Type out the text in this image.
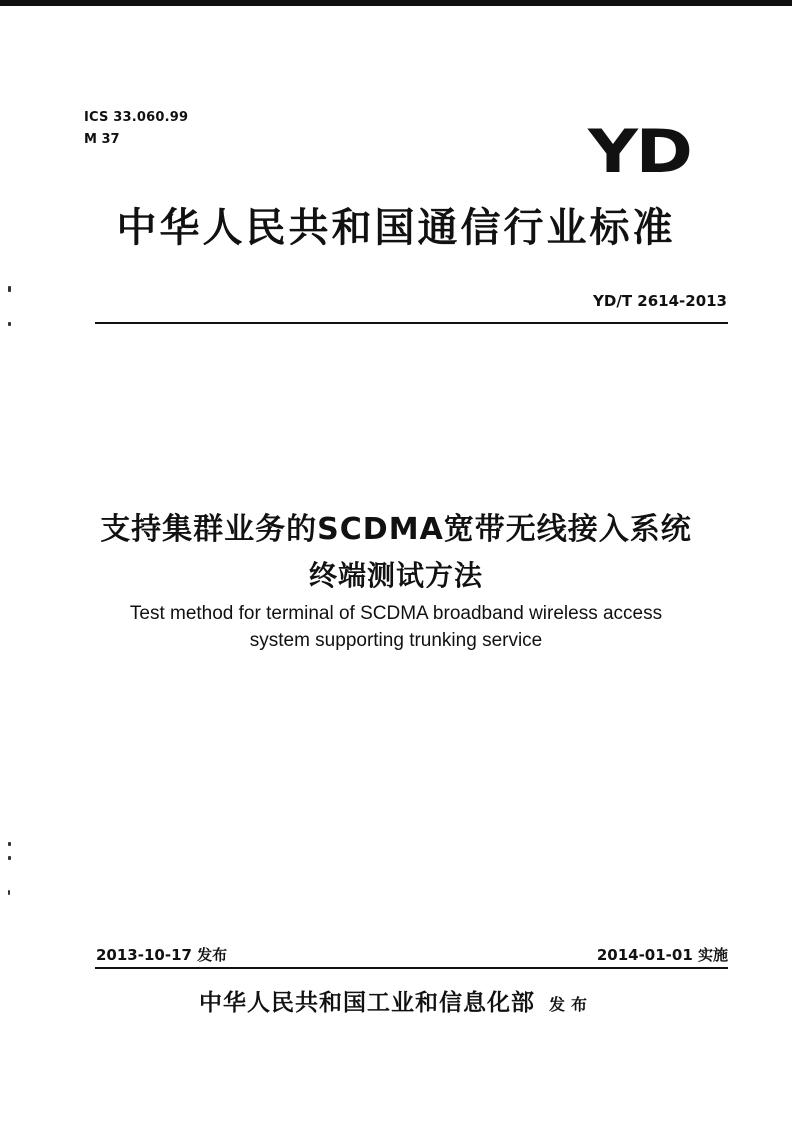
ICS 33.060.99
M 37	YD
中华人民共和国通信行业标准
YD/T 2614-2013
支持集群业务的SCDMA宽带无线接入系统
终端测试方法
Test method for terminal of SCDMA broadband wireless access
system supporting trunking service
2013-10-17 发布	2014-01-01 实施
中华人民共和国工业和信息化部 发布
